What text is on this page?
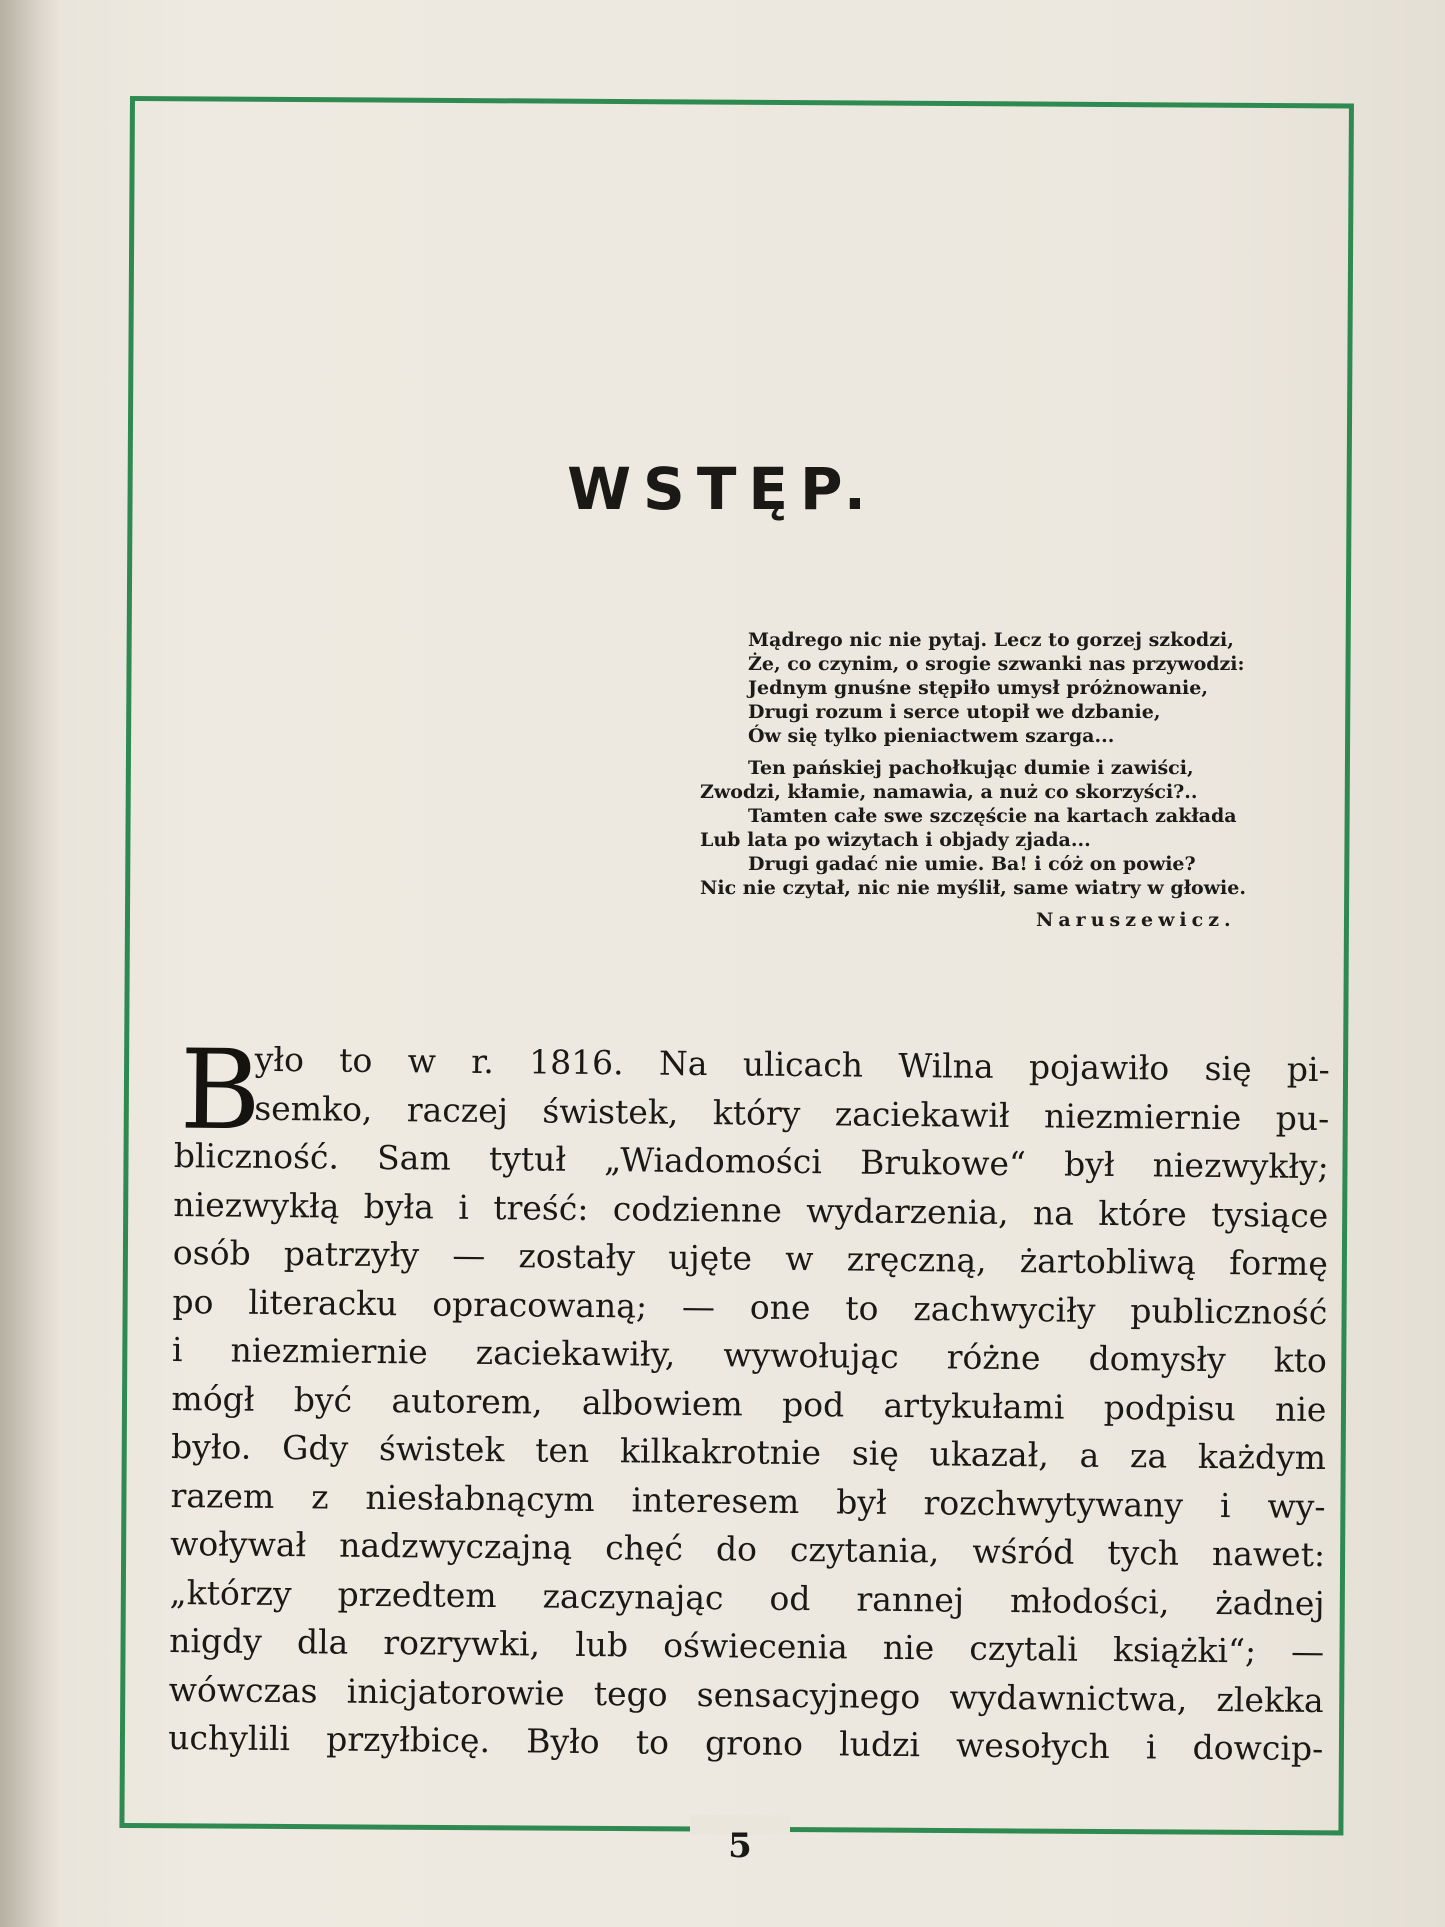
WSTĘP.
Mądrego nic nie pytaj. Lecz to gorzej szkodzi,
Że, co czynim, o srogie szwanki nas przywodzi:
Jednym gnuśne stępiło umysł próżnowanie,
Drugi rozum i serce utopił we dzbanie,
Ów się tylko pieniactwem szarga...
Ten pańskiej pachołkując dumie i zawiści,
Zwodzi, kłamie, namawia, a nuż co skorzyści?..
Tamten całe swe szczęście na kartach zakłada
Lub lata po wizytach i objady zjada...
Drugi gadać nie umie. Ba! i cóż on powie?
Nic nie czytał, nic nie myślił, same wiatry w głowie.
Naruszewicz.
B
yło to w r. 1816. Na ulicach Wilna pojawiło się pi-
semko, raczej świstek, który zaciekawił niezmiernie pu-
bliczność. Sam tytuł „Wiadomości Brukowe“ był niezwykły;
niezwykłą była i treść: codzienne wydarzenia, na które tysiące
osób patrzyły — zostały ujęte w zręczną, żartobliwą formę
po literacku opracowaną; — one to zachwyciły publiczność
i niezmiernie zaciekawiły, wywołując różne domysły kto
mógł być autorem, albowiem pod artykułami podpisu nie
było. Gdy świstek ten kilkakrotnie się ukazał, a za każdym
razem z niesłabnącym interesem był rozchwytywany i wy-
woływał nadzwyczajną chęć do czytania, wśród tych nawet:
„którzy przedtem zaczynając od rannej młodości, żadnej
nigdy dla rozrywki, lub oświecenia nie czytali książki“; —
wówczas inicjatorowie tego sensacyjnego wydawnictwa, zlekka
uchylili przyłbicę. Było to grono ludzi wesołych i dowcip-
5
